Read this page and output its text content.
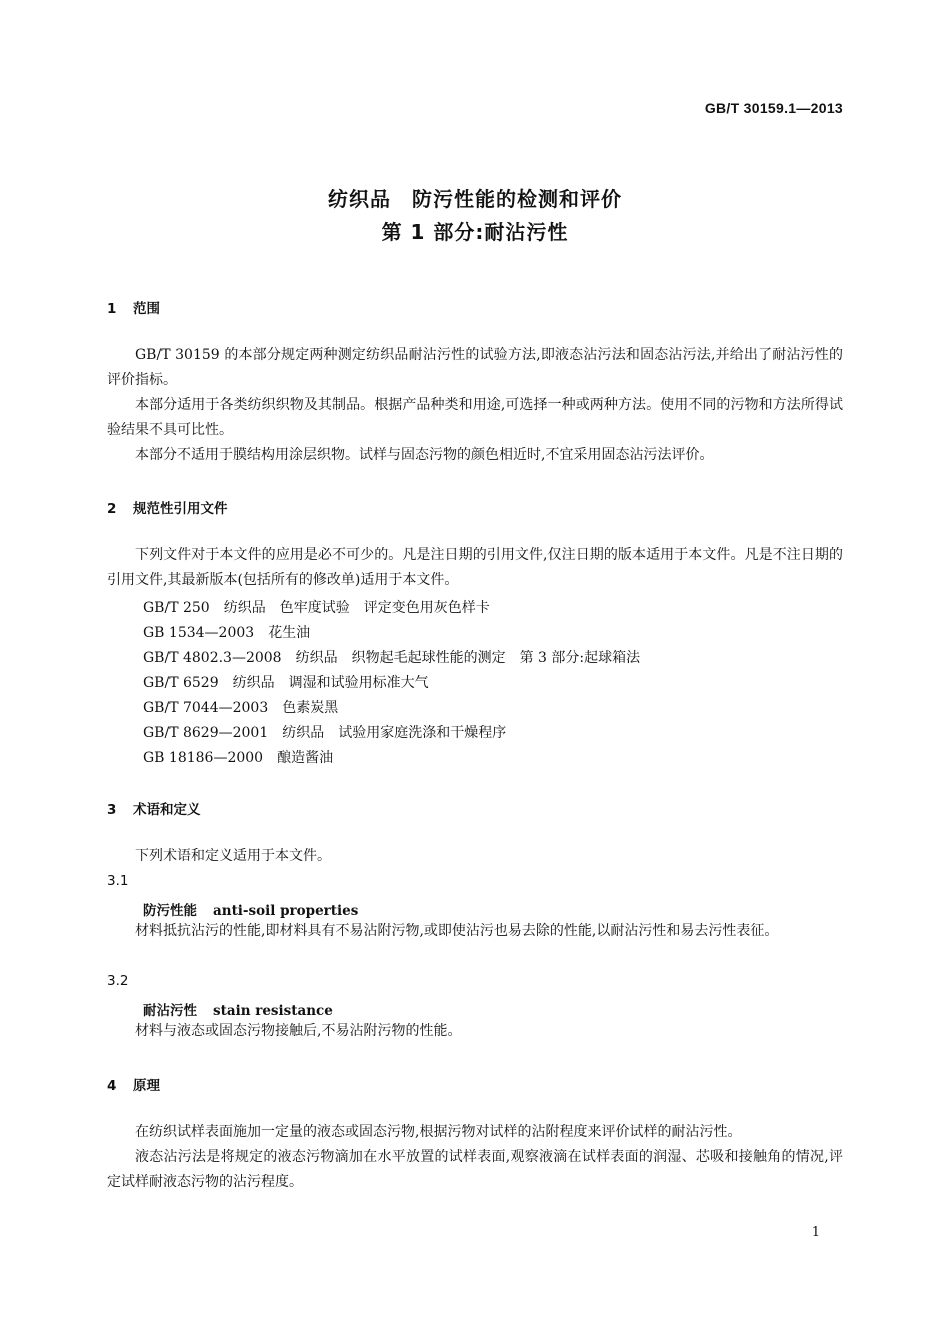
GB/T 30159.1—2013
纺织品　防污性能的检测和评价
第 1 部分:耐沾污性
1 范围

GB/T 30159 的本部分规定两种测定纺织品耐沾污性的试验方法,即液态沾污法和固态沾污法,并给出了耐沾污性的评价指标。

本部分适用于各类纺织织物及其制品。根据产品种类和用途,可选择一种或两种方法。使用不同的污物和方法所得试验结果不具可比性。

本部分不适用于膜结构用涂层织物。试样与固态污物的颜色相近时,不宜采用固态沾污法评价。

2 规范性引用文件

下列文件对于本文件的应用是必不可少的。凡是注日期的引用文件,仅注日期的版本适用于本文件。凡是不注日期的引用文件,其最新版本(包括所有的修改单)适用于本文件。

GB/T 250 纺织品　色牢度试验　评定变色用灰色样卡
GB 1534—2003 花生油
GB/T 4802.3—2008 纺织品　织物起毛起球性能的测定　第 3 部分:起球箱法
GB/T 6529 纺织品　调湿和试验用标准大气
GB/T 7044—2003 色素炭黑
GB/T 8629—2001 纺织品　试验用家庭洗涤和干燥程序
GB 18186—2000 酿造酱油
3 术语和定义

下列术语和定义适用于本文件。

3.1
防污性能 anti-soil properties

材料抵抗沾污的性能,即材料具有不易沾附污物,或即使沾污也易去除的性能,以耐沾污性和易去污性表征。

3.2
耐沾污性 stain resistance

材料与液态或固态污物接触后,不易沾附污物的性能。

4 原理

在纺织试样表面施加一定量的液态或固态污物,根据污物对试样的沾附程度来评价试样的耐沾污性。

液态沾污法是将规定的液态污物滴加在水平放置的试样表面,观察液滴在试样表面的润湿、芯吸和接触角的情况,评定试样耐液态污物的沾污程度。

1
